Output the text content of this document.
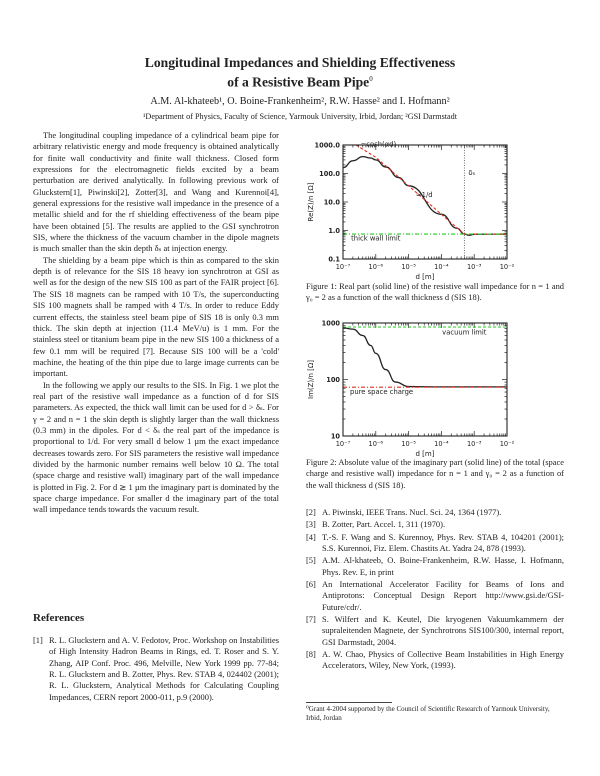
Longitudinal Impedances and Shielding Effectiveness
of a Resistive Beam Pipe$^0$
A.M. Al-khateeb¹, O. Boine-Frankenheim², R.W. Hasse² and I. Hofmann²
¹Department of Physics, Faculty of Science, Yarmouk University, Irbid, Jordan; ²GSI Darmstadt

The longitudinal coupling impedance of a cylindrical beam pipe for arbitrary relativistic energy and mode frequency is obtained analytically for finite wall conductivity and finite wall thickness. Closed form expressions for the electromagnetic fields excited by a beam perturbation are derived analytically. In following previous work of Gluckstern[1], Piwinski[2], Zotter[3], and Wang and Kurennoi[4], general expressions for the resistive wall impedance in the presence of a metallic shield and for the rf shielding effectiveness of the beam pipe have been obtained [5]. The results are applied to the GSI synchrotron SIS, where the thickness of the vacuum chamber in the dipole magnets is much smaller than the skin depth δₛ at injection energy.

The shielding by a beam pipe which is thin as compared to the skin depth is of relevance for the SIS 18 heavy ion synchrotron at GSI as well as for the design of the new SIS 100 as part of the FAIR project [6]. The SIS 18 magnets can be ramped with 10 T/s, the superconducting SIS 100 magnets shall be ramped with 4 T/s. In order to reduce Eddy current effects, the stainless steel beam pipe of SIS 18 is only 0.3 mm thick. The skin depth at injection (11.4 MeV/u) is 1 mm. For the stainless steel or titanium beam pipe in the new SIS 100 a thickness of a few 0.1 mm will be required [7]. Because SIS 100 will be a 'cold' machine, the heating of the thin pipe due to large image currents can be important.

In the following we apply our results to the SIS. In Fig. 1 we plot the real part of the resistive wall impedance as a function of d for SIS parameters. As expected, the thick wall limit can be used for d > δₛ. For γ = 2 and n = 1 the skin depth is slightly larger than the wall thickness (0.3 mm) in the dipoles. For d < δₛ the real part of the impedance is proportional to 1/d. For very small d below 1 µm the exact impedance decreases towards zero. For SIS parameters the resistive wall impedance divided by the harmonic number remains well below 10 Ω. The total (space charge and resistive wall) imaginary part of the wall impedance is plotted in Fig. 2. For d ≳ 1 µm the imaginary part is dominated by the space charge impedance. For smaller d the imaginary part of the total wall impedance tends towards the vacuum result.

References
[1] R. L. Gluckstern and A. V. Fedotov, Proc. Workshop on Instabilities of High Intensity Hadron Beams in Rings, ed. T. Roser and S. Y. Zhang, AIP Conf. Proc. 496, Melville, New York 1999 pp. 77-84; R. L. Gluckstern and B. Zotter, Phys. Rev. STAB 4, 024402 (2001); R. L. Gluckstern, Analytical Methods for Calculating Coupling Impedances, CERN report 2000-011, p.9 (2000).
δₛ
10⁻⁷	10⁻⁶	10⁻⁵	10⁻⁴	10⁻³	10⁻²
0.1
1.0
10.0
100.0
1000.0
d [m]
Re(Z)/n [Ω]
≈cosh(αd)
≈1/d
thick wall limit
Figure 1: Real part (solid line) of the resistive wall impedance for n = 1 and γ₀ = 2 as a function of the wall thickness d (SIS 18).
10⁻⁷	10⁻⁶	10⁻⁵	10⁻⁴	10⁻³	10⁻²
10
100
1000
d [m]
Im(Z)/n [Ω]
vacuum limit
pure space charge
Figure 2: Absolute value of the imaginary part (solid line) of the total (space charge and resistive wall) impedance for n = 1 and γ₀ = 2 as a function of the wall thickness d (SIS 18).
[2] A. Piwinski, IEEE Trans. Nucl. Sci. 24, 1364 (1977).
[3] B. Zotter, Part. Accel. 1, 311 (1970).
[4] T.-S. F. Wang and S. Kurennoy, Phys. Rev. STAB 4, 104201 (2001); S.S. Kurennoi, Fiz. Elem. Chastits At. Yadra 24, 878 (1993).
[5] A.M. Al-khateeb, O. Boine-Frankenheim, R.W. Hasse, I. Hofmann, Phys. Rev. E, in print
[6] An International Accelerator Facility for Beams of Ions and Antiprotons: Conceptual Design Report http://www.gsi.de/GSI-Future/cdr/.
[7] S. Wilfert and K. Keutel, Die kryogenen Vakuumkammern der supraleitenden Magnete, der Synchrotrons SIS100/300, internal report, GSI Darmstadt, 2004.
[8] A. W. Chao, Physics of Collective Beam Instabilities in High Energy Accelerators, Wiley, New York, (1993).
⁰Grant 4-2004 supported by the Council of Scientific Research of Yarmouk University, Irbid, Jordan
